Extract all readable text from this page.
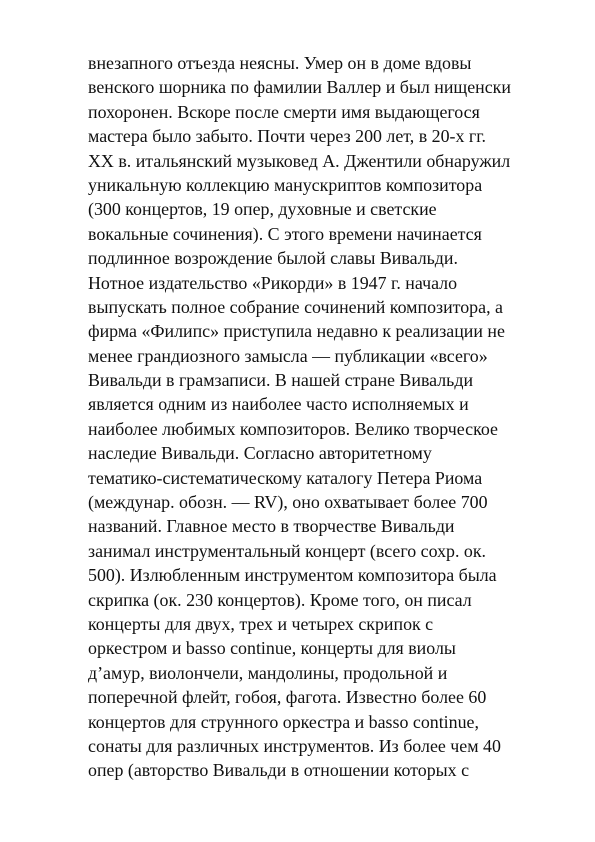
внезапного отъезда неясны. Умер он в доме вдовы
венского шорника по фамилии Валлер и был нищенски
похоронен. Вскоре после смерти имя выдающегося
мастера было забыто. Почти через 200 лет, в 20-х гг.
XX в. итальянский музыковед А. Джентили обнаружил
уникальную коллекцию манускриптов композитора
(300 концертов, 19 опер, духовные и светские
вокальные сочинения). С этого времени начинается
подлинное возрождение былой славы Вивальди.
Нотное издательство «Рикорди» в 1947 г. начало
выпускать полное собрание сочинений композитора, а
фирма «Филипс» приступила недавно к реализации не
менее грандиозного замысла — публикации «всего»
Вивальди в грамзаписи. В нашей стране Вивальди
является одним из наиболее часто исполняемых и
наиболее любимых композиторов. Велико творческое
наследие Вивальди. Согласно авторитетному
тематико-систематическому каталогу Петера Риома
(междунар. обозн. — RV), оно охватывает более 700
названий. Главное место в творчестве Вивальди
занимал инструментальный концерт (всего сохр. ок.
500). Излюбленным инструментом композитора была
скрипка (ок. 230 концертов). Кроме того, он писал
концерты для двух, трех и четырех скрипок с
оркестром и basso continue, концерты для виолы
д’амур, виолончели, мандолины, продольной и
поперечной флейт, гобоя, фагота. Известно более 60
концертов для струнного оркестра и basso continue,
сонаты для различных инструментов. Из более чем 40
опер (авторство Вивальди в отношении которых с
